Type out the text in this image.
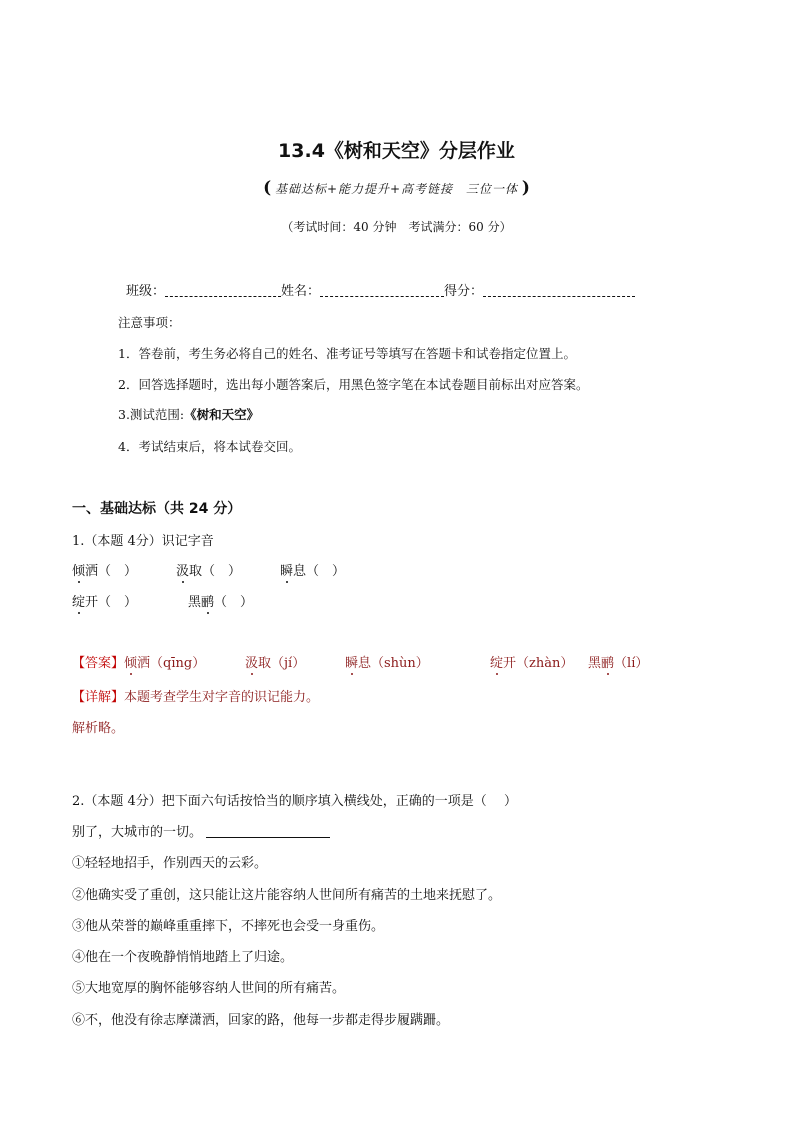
13.4《树和天空》分层作业
( 基础达标+能力提升+高考链接　三位一体 )
（考试时间：40 分钟　考试满分：60 分）
班级：	姓名：	得分：
注意事项：
1．答卷前，考生务必将自己的姓名、准考证号等填写在答题卡和试卷指定位置上。
2．回答选择题时，选出每小题答案后，用黑色签字笔在本试卷题目前标出对应答案。
3.测试范围:《树和天空》
4．考试结束后，将本试卷交回。
一、基础达标（共 24 分）
1.（本题 4分）识记字音
倾洒（　）	汲取（　）	瞬息（　）
绽开（　）	黑鹂（　）
【答案】倾洒（qīng）	汲取（jí）	瞬息（shùn）	绽开（zhàn） 黑鹂（lí）
【详解】本题考查学生对字音的识记能力。
解析略。
2.（本题 4分）把下面六句话按恰当的顺序填入横线处，正确的一项是（　 ）
别了，大城市的一切。
①轻轻地招手，作别西天的云彩。
②他确实受了重创，这只能让这片能容纳人世间所有痛苦的土地来抚慰了。
③他从荣誉的巅峰重重摔下，不摔死也会受一身重伤。
④他在一个夜晚静悄悄地踏上了归途。
⑤大地宽厚的胸怀能够容纳人世间的所有痛苦。
⑥不，他没有徐志摩潇洒，回家的路，他每一步都走得步履蹒跚。
